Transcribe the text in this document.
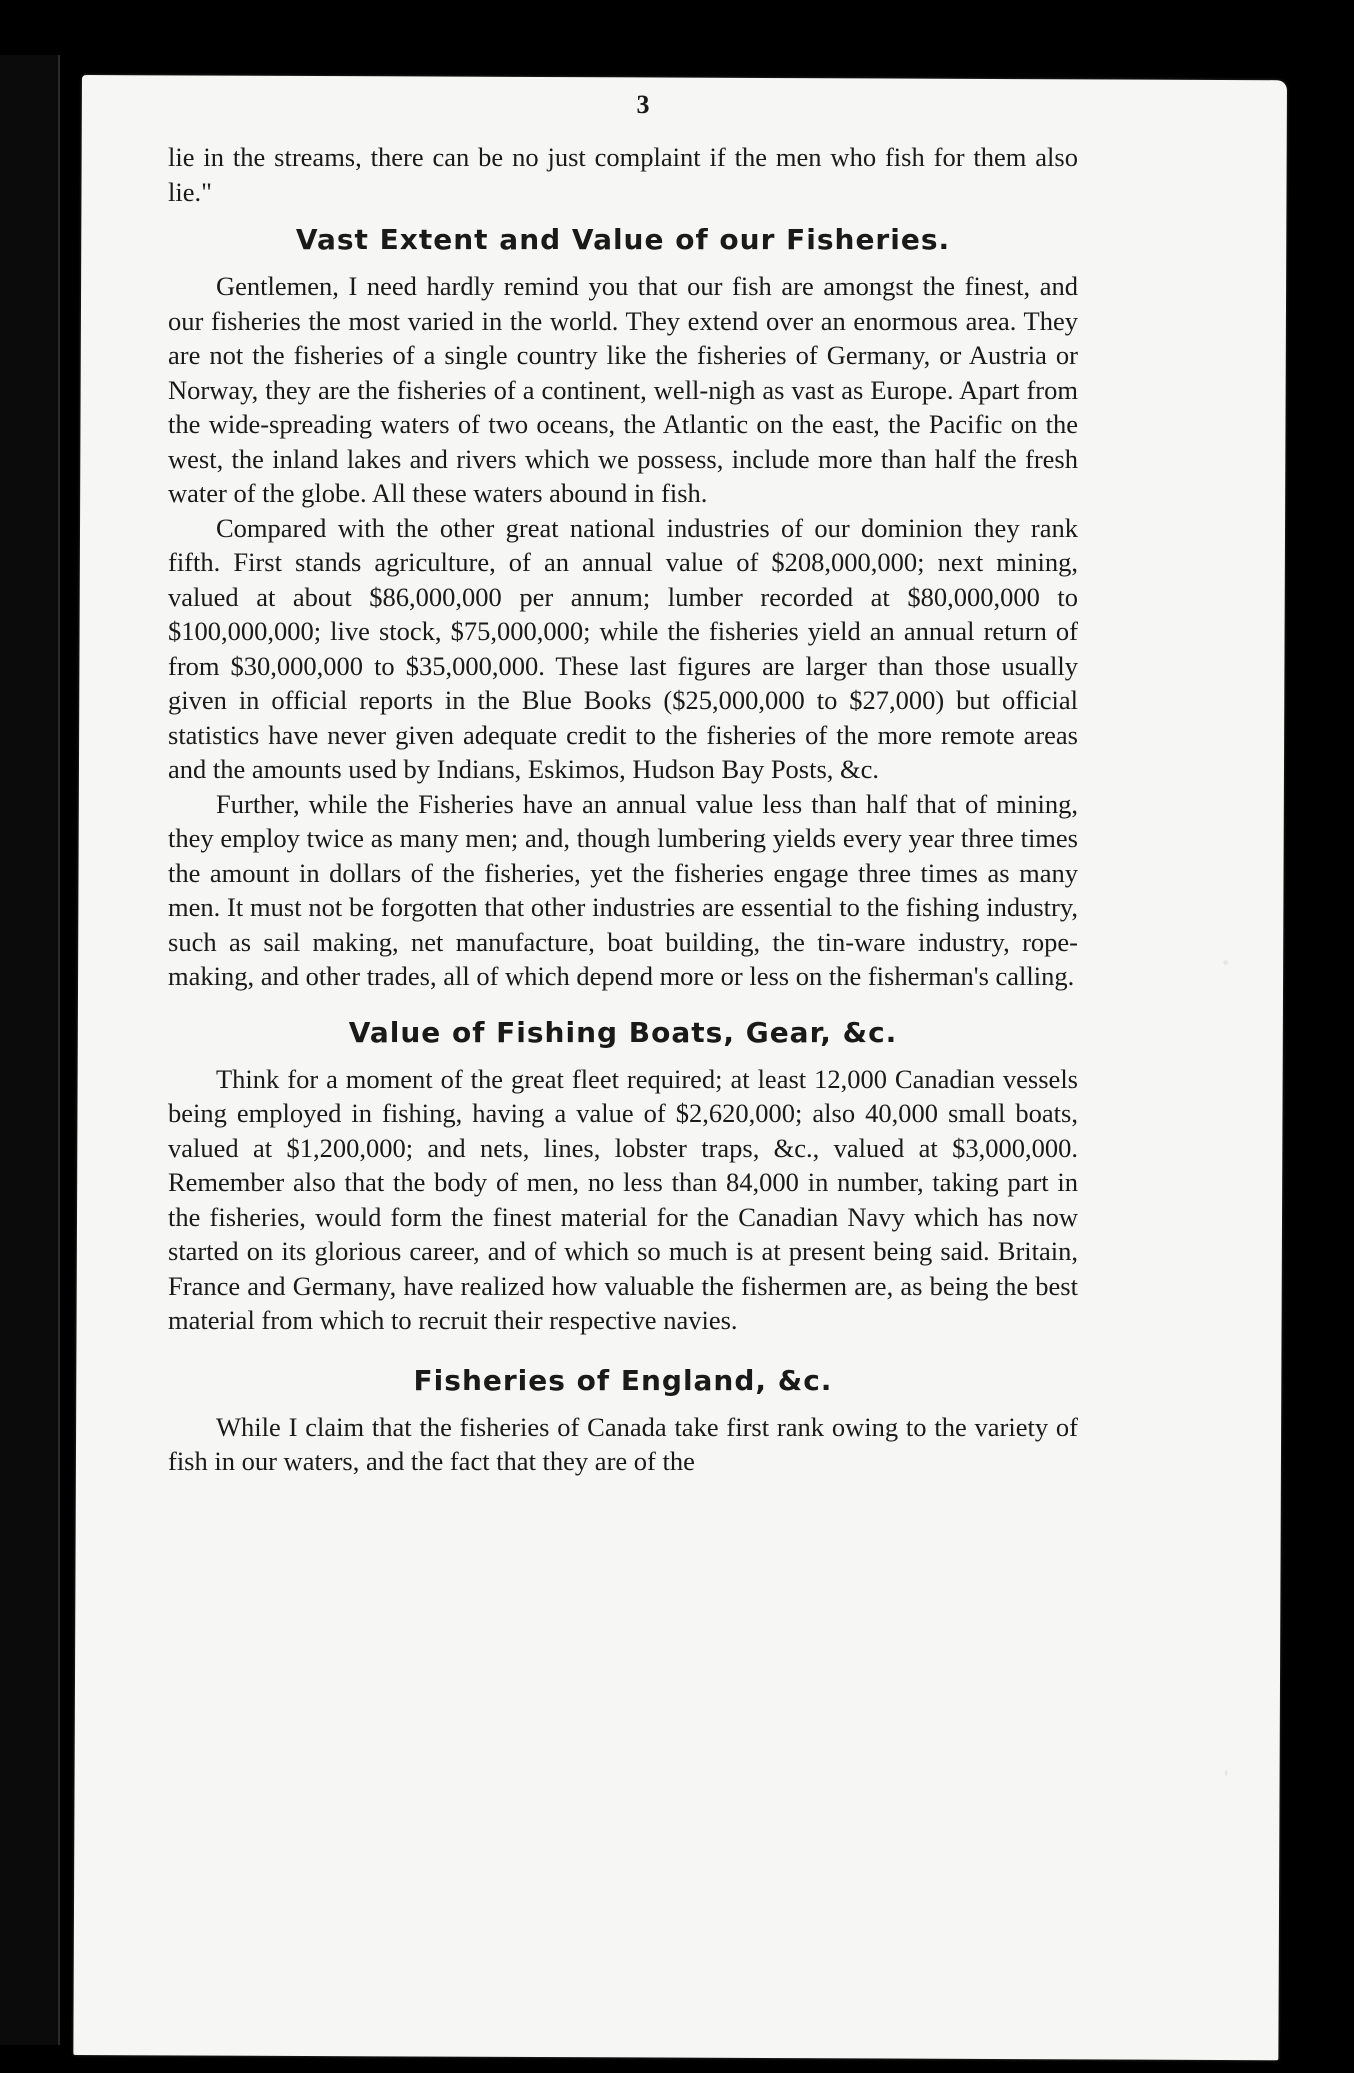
3

lie in the streams, there can be no just complaint if the men who fish for them also lie."

Vast Extent and Value of our Fisheries.

Gentlemen, I need hardly remind you that our fish are amongst the finest, and our fisheries the most varied in the world. They extend over an enormous area. They are not the fisheries of a single country like the fisheries of Germany, or Austria or Norway, they are the fisheries of a continent, well-nigh as vast as Europe. Apart from the wide-spreading waters of two oceans, the Atlantic on the east, the Pacific on the west, the inland lakes and rivers which we possess, include more than half the fresh water of the globe. All these waters abound in fish.

Compared with the other great national industries of our dominion they rank fifth. First stands agriculture, of an annual value of $208,000,000; next mining, valued at about $86,000,000 per annum; lumber recorded at $80,000,000 to $100,000,000; live stock, $75,000,000; while the fisheries yield an annual return of from $30,000,000 to $35,000,000. These last figures are larger than those usually given in official reports in the Blue Books ($25,000,000 to $27,000) but official statistics have never given adequate credit to the fisheries of the more remote areas and the amounts used by Indians, Eskimos, Hudson Bay Posts, &c.

Further, while the Fisheries have an annual value less than half that of mining, they employ twice as many men; and, though lumbering yields every year three times the amount in dollars of the fisheries, yet the fisheries engage three times as many men. It must not be forgotten that other industries are essential to the fishing industry, such as sail making, net manufacture, boat building, the tin-ware industry, rope-making, and other trades, all of which depend more or less on the fisherman's calling.

Value of Fishing Boats, Gear, &c.

Think for a moment of the great fleet required; at least 12,000 Canadian vessels being employed in fishing, having a value of $2,620,000; also 40,000 small boats, valued at $1,200,000; and nets, lines, lobster traps, &c., valued at $3,000,000. Remember also that the body of men, no less than 84,000 in number, taking part in the fisheries, would form the finest material for the Canadian Navy which has now started on its glorious career, and of which so much is at present being said. Britain, France and Germany, have realized how valuable the fishermen are, as being the best material from which to recruit their respective navies.

Fisheries of England, &c.

While I claim that the fisheries of Canada take first rank owing to the variety of fish in our waters, and the fact that they are of the
